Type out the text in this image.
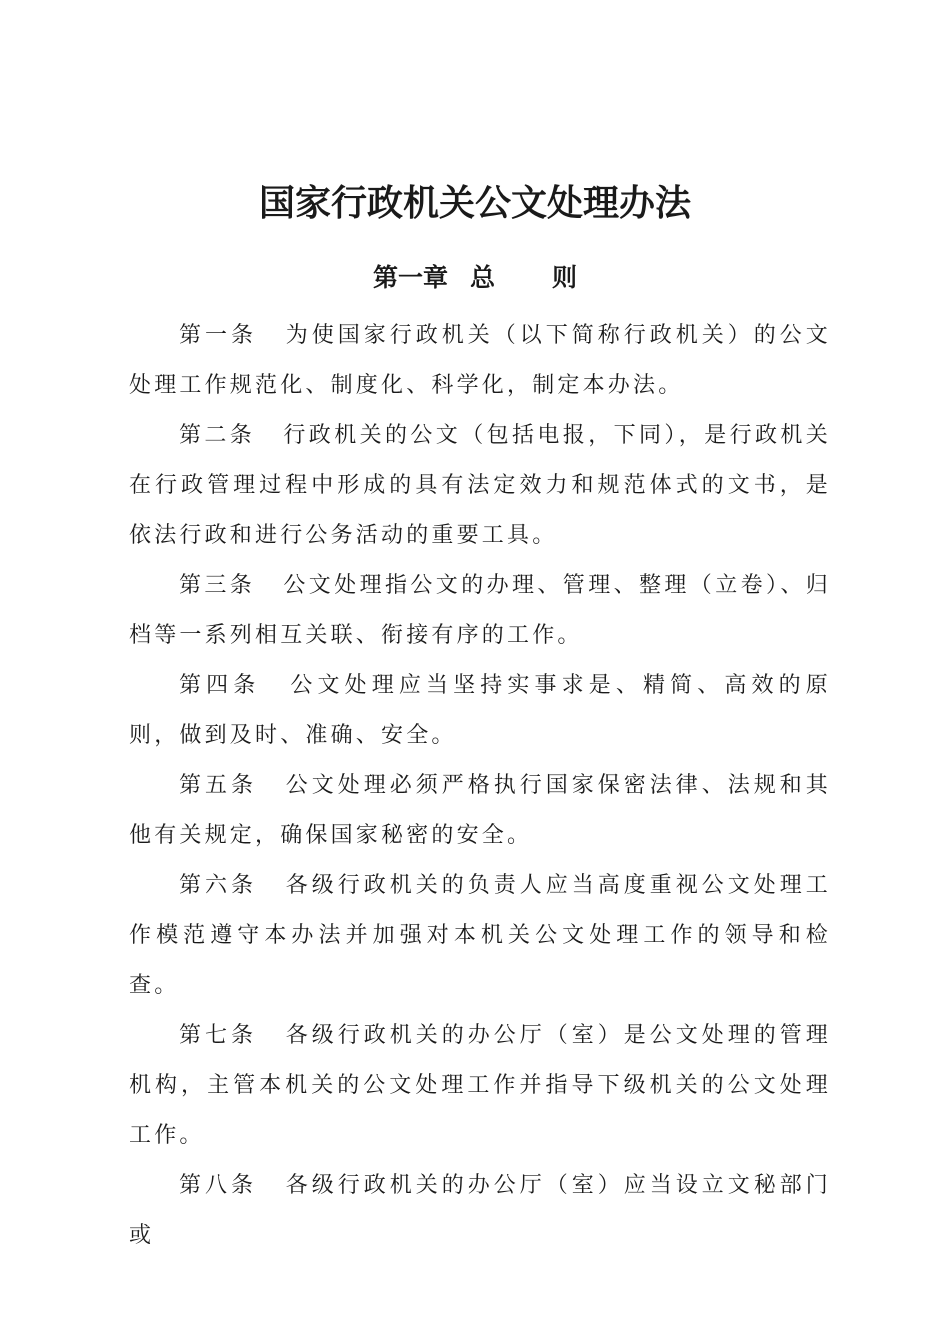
国家行政机关公文处理办法
第一章 总 则

第一条 为使国家行政机关（以下简称行政机关）的公文处理工作规范化、制度化、科学化，制定本办法。

第二条 行政机关的公文（包括电报，下同），是行政机关在行政管理过程中形成的具有法定效力和规范体式的文书，是依法行政和进行公务活动的重要工具。

第三条 公文处理指公文的办理、管理、整理（立卷）、归档等一系列相互关联、衔接有序的工作。

第四条 公文处理应当坚持实事求是、精简、高效的原则，做到及时、准确、安全。

第五条 公文处理必须严格执行国家保密法律、法规和其他有关规定，确保国家秘密的安全。

第六条 各级行政机关的负责人应当高度重视公文处理工作模范遵守本办法并加强对本机关公文处理工作的领导和检查。

第七条 各级行政机关的办公厅（室）是公文处理的管理机构，主管本机关的公文处理工作并指导下级机关的公文处理工作。

第八条 各级行政机关的办公厅（室）应当设立文秘部门或
